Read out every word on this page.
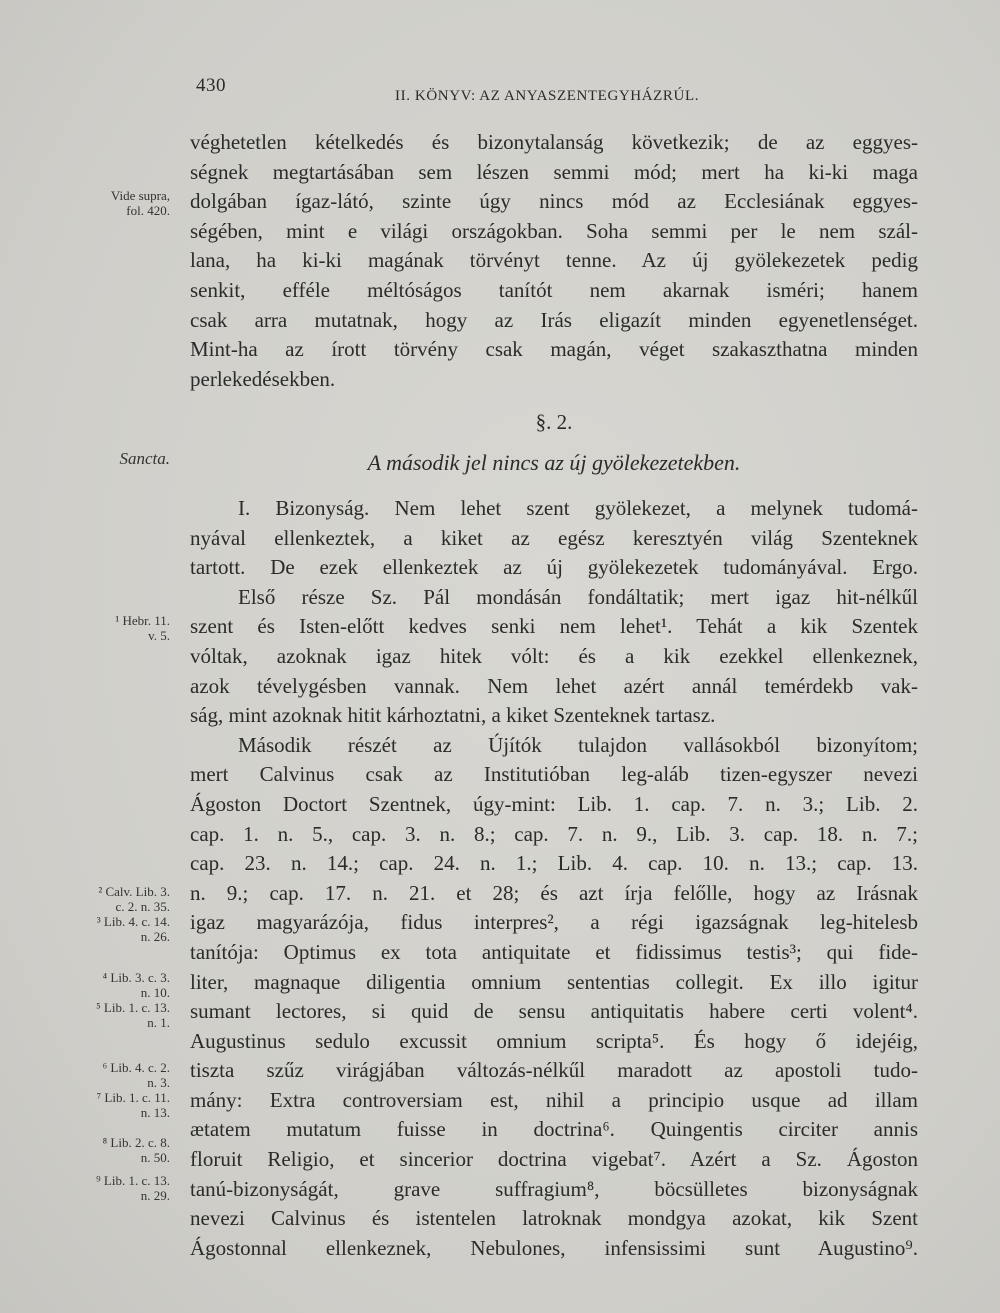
430	II. KÖNYV: AZ ANYASZENTEGYHÁZRÚL.
véghetetlen kételkedés és bizonytalanság következik; de az eggyes-
ségnek megtartásában sem lészen semmi mód; mert ha ki-ki maga
dolgában ígaz-látó, szinte úgy nincs mód az Ecclesiának eggyes-
ségében, mint e világi országokban. Soha semmi per le nem szál-
lana, ha ki-ki magának törvényt tenne. Az új gyölekezetek pedig
senkit, efféle méltóságos tanítót nem akarnak isméri; hanem
csak arra mutatnak, hogy az Irás eligazít minden egyenetlenséget.
Mint-ha az írott törvény csak magán, véget szakaszthatna minden
perlekedésekben.
§. 2.
A második jel nincs az új gyölekezetekben.
I. Bizonyság. Nem lehet szent gyölekezet, a melynek tudomá-
nyával ellenkeztek, a kiket az egész keresztyén világ Szenteknek
tartott. De ezek ellenkeztek az új gyölekezetek tudományával. Ergo.
Első része Sz. Pál mondásán fondáltatik; mert igaz hit-nélkűl
szent és Isten-előtt kedves senki nem lehet¹. Tehát a kik Szentek
vóltak, azoknak igaz hitek vólt: és a kik ezekkel ellenkeznek,
azok tévelygésben vannak. Nem lehet azért annál temérdekb vak-
ság, mint azoknak hitit kárhoztatni, a kiket Szenteknek tartasz.
Második részét az Újítók tulajdon vallásokból bizonyítom;
mert Calvinus csak az Institutióban leg-aláb tizen-egyszer nevezi
Ágoston Doctort Szentnek, úgy-mint: Lib. 1. cap. 7. n. 3.; Lib. 2.
cap. 1. n. 5., cap. 3. n. 8.; cap. 7. n. 9., Lib. 3. cap. 18. n. 7.;
cap. 23. n. 14.; cap. 24. n. 1.; Lib. 4. cap. 10. n. 13.; cap. 13.
n. 9.; cap. 17. n. 21. et 28; és azt írja felőlle, hogy az Irásnak
igaz magyarázója, fidus interpres², a régi igazságnak leg-hitelesb
tanítója: Optimus ex tota antiquitate et fidissimus testis³; qui fide-
liter, magnaque diligentia omnium sententias collegit. Ex illo igitur
sumant lectores, si quid de sensu antiquitatis habere certi volent⁴.
Augustinus sedulo excussit omnium scripta⁵. És hogy ő idejéig,
tiszta szűz virágjában változás-nélkűl maradott az apostoli tudo-
mány: Extra controversiam est, nihil a principio usque ad illam
ætatem mutatum fuisse in doctrina⁶. Quingentis circiter annis
floruit Religio, et sincerior doctrina vigebat⁷. Azért a Sz. Ágoston
tanú-bizonyságát, grave suffragium⁸, böcsülletes bizonyságnak
nevezi Calvinus és istentelen latroknak mondgya azokat, kik Szent
Ágostonnal ellenkeznek, Nebulones, infensissimi sunt Augustino⁹.
Vide supra,
fol. 420.
Sancta.
¹ Hebr. 11.
v. 5.
² Calv. Lib. 3.
c. 2. n. 35.
³ Lib. 4. c. 14.
n. 26.
⁴ Lib. 3. c. 3.
n. 10.
⁵ Lib. 1. c. 13.
n. 1.
⁶ Lib. 4. c. 2.
n. 3.
⁷ Lib. 1. c. 11.
n. 13.
⁸ Lib. 2. c. 8.
n. 50.
⁹ Lib. 1. c. 13.
n. 29.
